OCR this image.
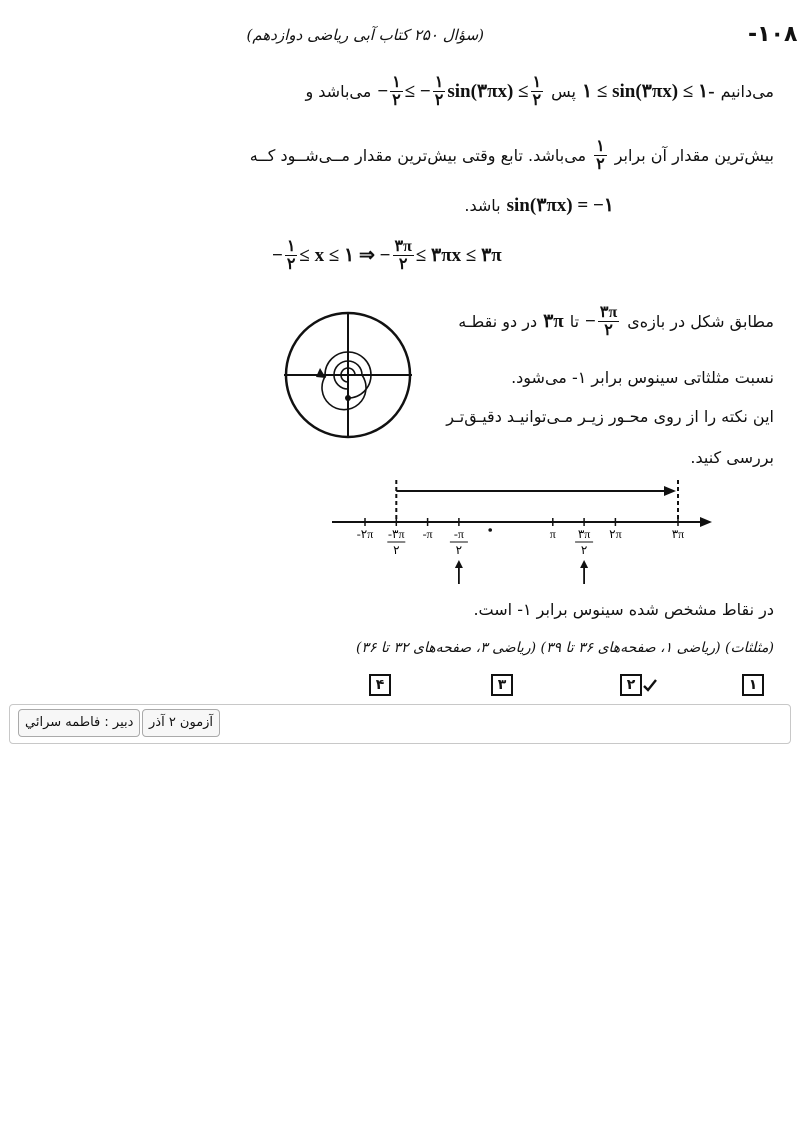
-۱۰۸
(سؤال ۲۵۰ کتاب آبی ریاضی دوازدهم)
می‌دانیم
۱ ≤ sin(۳πx) ≤ ۱-
پس
− $\frac{۱}{۲}$ ≤ − $\frac{۱}{۲}$ sin(۳πx) ≤ $\frac{۱}{۲}$
می‌باشد و
بیش‌ترین مقدار آن برابر
$\frac{۱}{۲}$
می‌باشد. تابع وقتی بیش‌ترین مقدار مــی‌شــود کــه
sin(۳πx) = −۱
باشد.
− $\frac{۱}{۲} \le x$ ≤ ۱ ⇒ − $\frac{۳\pi}{۲}$ ≤ ۳πx ≤ ۳π
مطابق شکل در بازه‌ی
− $\frac{۳\pi}{۲}$
تا
۳π
در دو نقطـه
نسبت مثلثاتی سینوس برابر ۱- می‌شود.
این نکته را از روی محـور زیـر مـی‌توانیـد دقیـق‌تـر
بررسی کنید.
-۲π -۳π
۲
-π -π
۲
π ۳π
۲
۲π	۳π
در نقاط مشخص شده سینوس برابر ۱- است.
(مثلثات) (ریاضی ۱، صفحه‌های ۳۶ تا ۳۹) (ریاضی ۳، صفحه‌های ۳۲ تا ۳۶)
۱
۲
۳
۴
آزمون ۲ آذر
دبیر : فاطمه سرائي
